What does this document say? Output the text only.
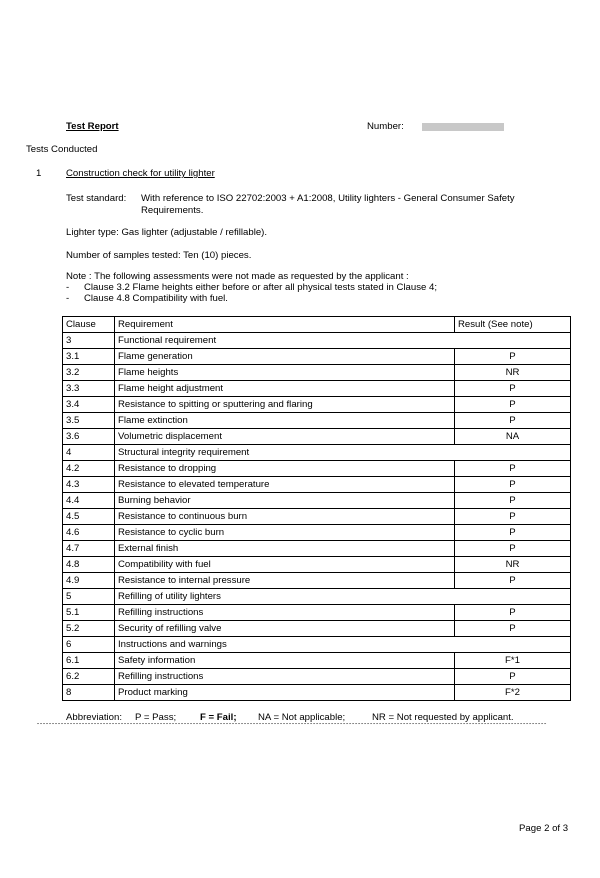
Test Report	Number:
Tests Conducted
1	Construction check for utility lighter
Test standard: With reference to ISO 22702:2003 + A1:2008, Utility lighters - General Consumer Safety
Requirements.
Lighter type: Gas lighter (adjustable / refillable).
Number of samples tested: Ten (10) pieces.
Note : The following assessments were not made as requested by the applicant :
- Clause 3.2 Flame heights either before or after all physical tests stated in Clause 4;
- Clause 4.8 Compatibility with fuel.
Clause	Requirement	Result (See note)
3	Functional requirement	
3.1	Flame generation	P
3.2	Flame heights	NR
3.3	Flame height adjustment	P
3.4	Resistance to spitting or sputtering and flaring	P
3.5	Flame extinction	P
3.6	Volumetric displacement	NA
4	Structural integrity requirement	
4.2	Resistance to dropping	P
4.3	Resistance to elevated temperature	P
4.4	Burning behavior	P
4.5	Resistance to continuous burn	P
4.6	Resistance to cyclic burn	P
4.7	External finish	P
4.8	Compatibility with fuel	NR
4.9	Resistance to internal pressure	P
5	Refilling of utility lighters	
5.1	Refilling instructions	P
5.2	Security of refilling valve	P
6	Instructions and warnings	
6.1	Safety information	F*1
6.2	Refilling instructions	P
8	Product marking	F*2
Abbreviation: P = Pass; F = Fail; NA = Not applicable;	NR = Not requested by applicant.
**************************************************************************************************************************************************************************
Page 2 of 3
